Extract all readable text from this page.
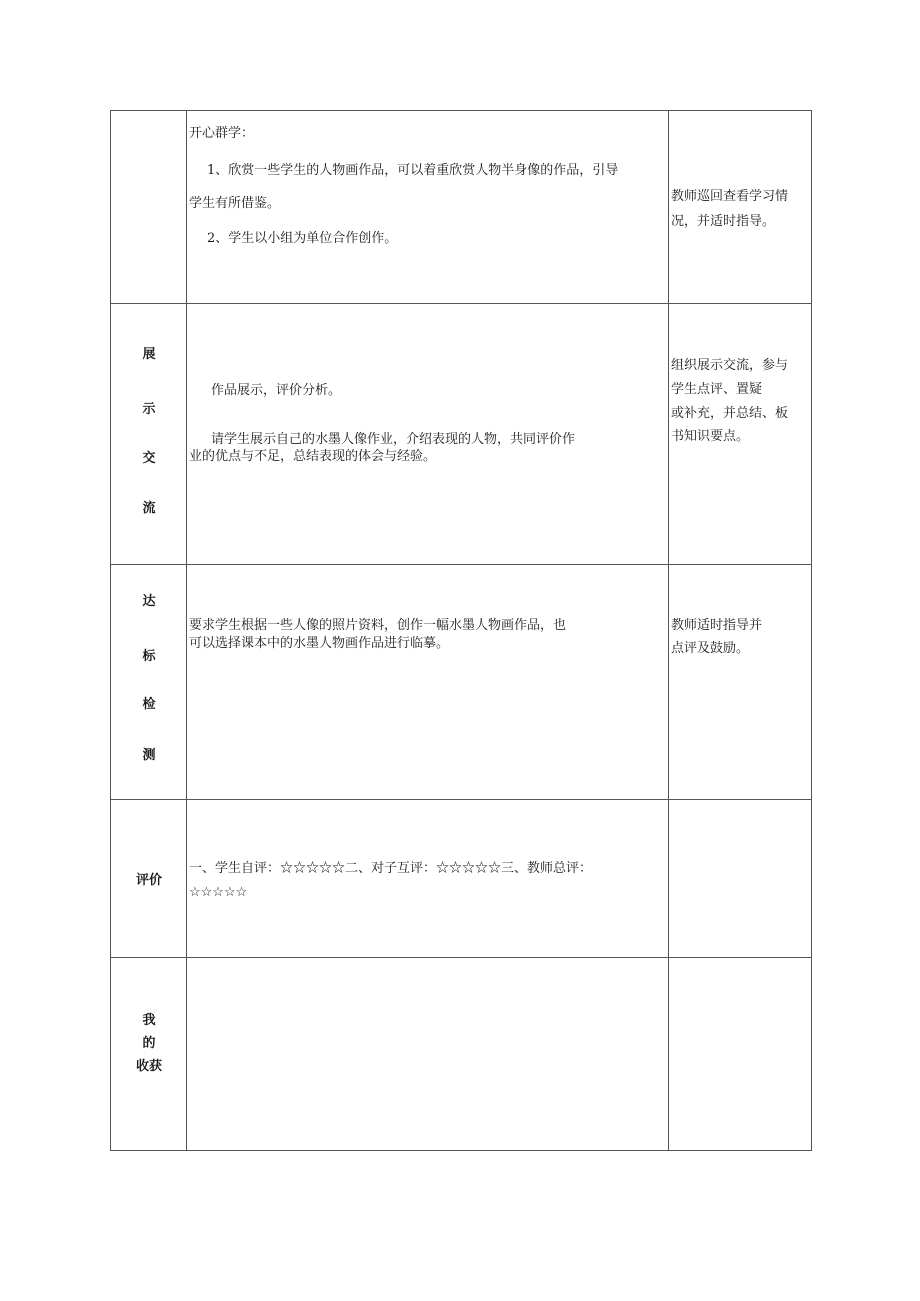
开心群学：
1、欣赏一些学生的人物画作品，可以着重欣赏人物半身像的作品，引导
学生有所借鉴。
2、学生以小组为单位合作创作。
教师巡回查看学习情
况，并适时指导。
展
示
交
流
作品展示，评价分析。
请学生展示自己的水墨人像作业，介绍表现的人物，共同评价作
业的优点与不足，总结表现的体会与经验。
组织展示交流，参与
学生点评、置疑
或补充，并总结、板
书知识要点。
达
标
检
测
要求学生根据一些人像的照片资料，创作一幅水墨人物画作品，也
可以选择课本中的水墨人物画作品进行临摹。
教师适时指导并
点评及鼓励。
评价
一、学生自评：☆☆☆☆☆二、对子互评：☆☆☆☆☆三、教师总评：
☆☆☆☆☆
我
的
收获
